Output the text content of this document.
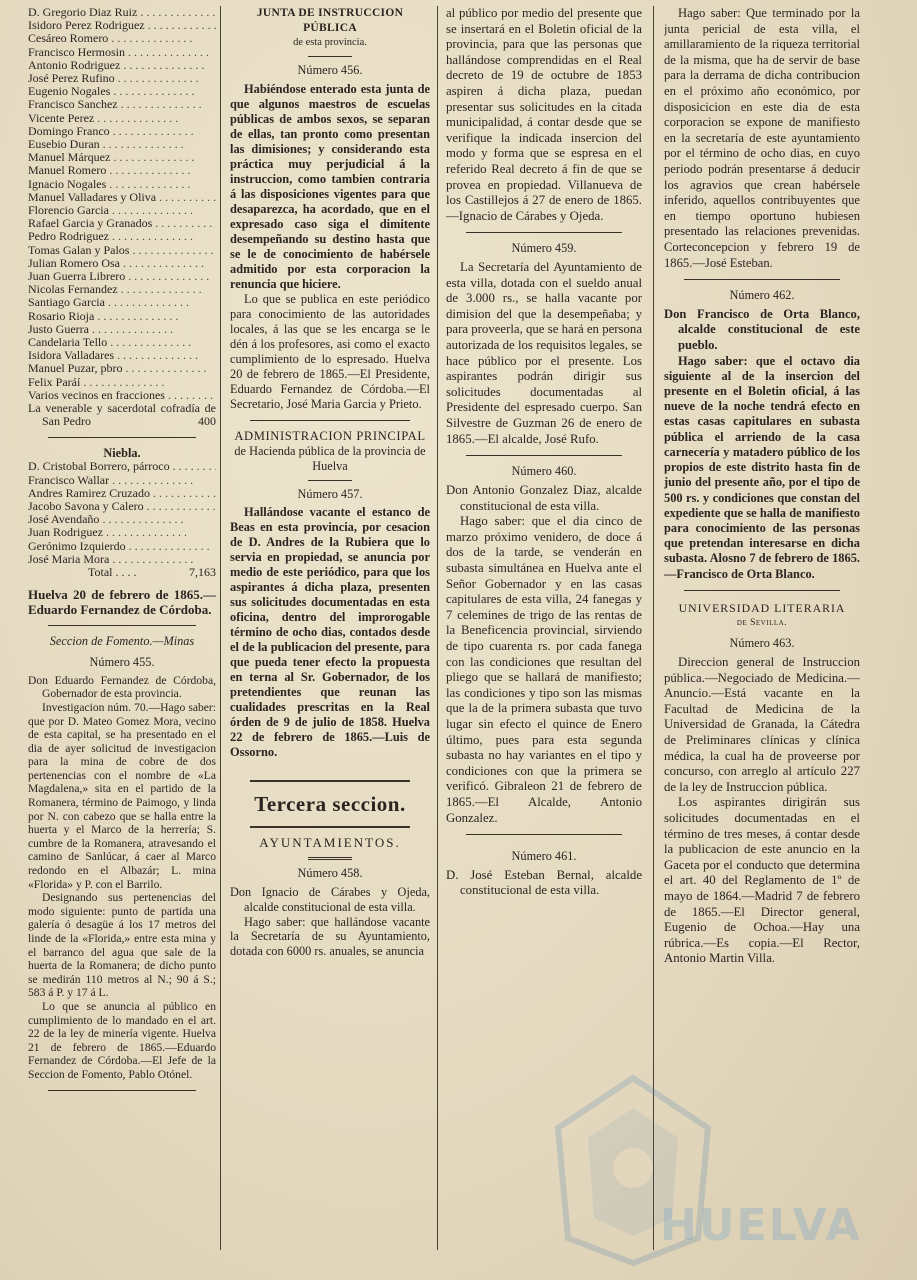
D. Gregorio Diaz Ruiz . . .	
Isidoro Perez Rodriguez . . .	
Cesáreo Romero . . .	
Francisco Hermosin . . .	
Antonio Rodriguez . . .	
José Perez Rufino . . .	
Eugenio Nogales . . .	
Francisco Sanchez . . .	
Vicente Perez . . .	
Domingo Franco . . .	
Eusebio Duran . . .	
Manuel Márquez . . .	
Manuel Romero . . .	
Ignacio Nogales . . .	
Manuel Valladares y Oliva . . .	
Florencio Garcia . . .	
Rafael Garcia y Granados . . .	
Pedro Rodriguez . . .	
Tomas Galan y Palos . . .	
Julian Romero Osa . . .	
Juan Guerra Librero . . .	
Nicolas Fernandez . . .	
Santiago Garcia . . .	
Rosario Rioja . . .	
Justo Guerra . . .	
Candelaria Tello . . .	
Isidora Valladares . . .	
Manuel Puzar, pbro . . .	
Felix Paráí . . .	
Varios vecinos en fracciones . . .	

La venerable y sacerdotal cofradía de San Pedro	400

Niebla.

D. Cristobal Borrero, párroco . . .	
Francisco Wallar . . .	
Andres Ramirez Cruzado . . .	
Jacobo Savona y Calero . . .	
José Avendaño . . .	
Juan Rodriguez . . .	
Gerónimo Izquierdo . . .	
José Maria Mora . . .	
Total . . . .	7,163

Huelva 20 de febrero de 1865.—Eduardo Fernandez de Córdoba.

Seccion de Fomento.—Minas

Número 455.

Don Eduardo Fernandez de Córdoba, Gobernador de esta provincia.

Investigacion núm. 70.—Hago saber: que por D. Mateo Gomez Mora, vecino de esta capital, se ha presentado en el dia de ayer solicitud de investigacion para la mina de cobre de dos pertenencias con el nombre de «La Magdalena,» sita en el partido de la Romanera, término de Paimogo, y linda por N. con cabezo que se halla entre la huerta y el Marco de la herrería; S. cumbre de la Romanera, atravesando el camino de Sanlúcar, á caer al Marco redondo en el Albazár; L. mina «Florida» y P. con el Barrilo.

Designando sus pertenencias del modo siguiente: punto de partida una galería ó desagüe á los 17 metros del linde de la «Florida,» entre esta mina y el barranco del agua que sale de la huerta de la Romanera; de dicho punto se medirán 110 metros al N.; 90 á S.; 583 á P. y 17 á L.

Lo que se anuncia al público en cumplimiento de lo mandado en el art. 22 de la ley de minería vigente. Huelva 21 de febrero de 1865.—Eduardo Fernandez de Córdoba.—El Jefe de la Seccion de Fomento, Pablo Otónel.

JUNTA DE INSTRUCCION PÚBLICA

de esta provincia.

Número 456.

Habiéndose enterado esta junta de que algunos maestros de escuelas públicas de ambos sexos, se separan de ellas, tan pronto como presentan las dimisiones; y considerando esta práctica muy perjudicial á la instruccion, como tambien contraria á las disposiciones vigentes para que desaparezca, ha acordado, que en el expresado caso siga el dimitente desempeñando su destino hasta que se le de conocimiento de habérsele admitido por esta corporacion la renuncia que hiciere.

Lo que se publica en este periódico para conocimiento de las autoridades locales, á las que se les encarga se le dén á los profesores, asi como el exacto cumplimiento de lo espresado. Huelva 20 de febrero de 1865.—El Presidente, Eduardo Fernandez de Córdoba.—El Secretario, José Maria Garcia y Prieto.

ADMINISTRACION PRINCIPAL

de Hacienda pública de la provincia de Huelva

Número 457.

Hallándose vacante el estanco de Beas en esta provincia, por cesacion de D. Andres de la Rubiera que lo servia en propiedad, se anuncia por medio de este periódico, para que los aspirantes á dicha plaza, presenten sus solicitudes documentadas en esta oficina, dentro del improrogable término de ocho dias, contados desde el de la publicacion del presente, para que pueda tener efecto la propuesta en terna al Sr. Gobernador, de los pretendientes que reunan las cualidades prescritas en la Real órden de 9 de julio de 1858. Huelva 22 de febrero de 1865.—Luis de Ossorno.

Tercera seccion.

AYUNTAMIENTOS.

Número 458.

Don Ignacio de Cárabes y Ojeda, alcalde constitucional de esta villa.

Hago saber: que hallándose vacante la Secretaría de su Ayuntamiento, dotada con 6000 rs. anuales, se anuncia

al público por medio del presente que se insertará en el Boletin oficial de la provincia, para que las personas que hallándose comprendidas en el Real decreto de 19 de octubre de 1853 aspiren á dicha plaza, puedan presentar sus solicitudes en la citada municipalidad, á contar desde que se verifique la indicada insercion del modo y forma que se espresa en el referido Real decreto á fin de que se provea en propiedad. Villanueva de los Castillejos á 27 de enero de 1865.—Ignacio de Cárabes y Ojeda.

Número 459.

La Secretaría del Ayuntamiento de esta villa, dotada con el sueldo anual de 3.000 rs., se halla vacante por dimision del que la desempeñaba; y para proveerla, que se hará en persona autorizada de los requisitos legales, se hace público por el presente. Los aspirantes podrán dirigir sus solicitudes documentadas al Presidente del espresado cuerpo. San Silvestre de Guzman 26 de enero de 1865.—El alcalde, José Rufo.

Número 460.

Don Antonio Gonzalez Diaz, alcalde constitucional de esta villa.

Hago saber: que el dia cinco de marzo próximo venidero, de doce á dos de la tarde, se venderán en subasta simultánea en Huelva ante el Señor Gobernador y en las casas capitulares de esta villa, 24 fanegas y 7 celemines de trigo de las rentas de la Beneficencia provincial, sirviendo de tipo cuarenta rs. por cada fanega con las condiciones que resultan del pliego que se hallará de manifiesto; las condiciones y tipo son las mismas que la de la primera subasta que tuvo lugar sin efecto el quince de Enero último, pues para esta segunda subasta no hay variantes en el tipo y condiciones con que la primera se verificó. Gibraleon 21 de febrero de 1865.—El Alcalde, Antonio Gonzalez.

Número 461.

D. José Esteban Bernal, alcalde constitucional de esta villa.

Hago saber: Que terminado por la junta pericial de esta villa, el amillaramiento de la riqueza territorial de la misma, que ha de servir de base para la derrama de dicha contribucion en el próximo año económico, por disposicicion en este dia de esta corporacion se expone de manifiesto en la secretaría de este ayuntamiento por el término de ocho dias, en cuyo periodo podrán presentarse á deducir los agravios que crean habérsele inferido, aquellos contribuyentes que en tiempo oportuno hubiesen presentado las relaciones prevenidas. Corteconcepcion y febrero 19 de 1865.—José Esteban.

Número 462.

Don Francisco de Orta Blanco, alcalde constitucional de este pueblo.

Hago saber: que el octavo dia siguiente al de la insercion del presente en el Boletin oficial, á las nueve de la noche tendrá efecto en estas casas capitulares en subasta pública el arriendo de la casa carnecería y matadero público de los propios de este distrito hasta fin de junio del presente año, por el tipo de 500 rs. y condiciones que constan del expediente que se halla de manifiesto para conocimiento de las personas que pretendan interesarse en dicha subasta. Alosno 7 de febrero de 1865.—Francisco de Orta Blanco.

UNIVERSIDAD LITERARIA

de Sevilla.

Número 463.

Direccion general de Instruccion pública.—Negociado de Medicina.—Anuncio.—Está vacante en la Facultad de Medicina de la Universidad de Granada, la Cátedra de Preliminares clínicas y clínica médica, la cual ha de proveerse por concurso, con arreglo al artículo 227 de la ley de Instruccion pública.

Los aspirantes dirigirán sus solicitudes documentadas en el término de tres meses, á contar desde la publicacion de este anuncio en la Gaceta por el conducto que determina el art. 40 del Reglamento de 1º de mayo de 1864.—Madrid 7 de febrero de 1865.—El Director general, Eugenio de Ochoa.—Hay una rúbrica.—Es copia.—El Rector, Antonio Martin Villa.

HUELVA
